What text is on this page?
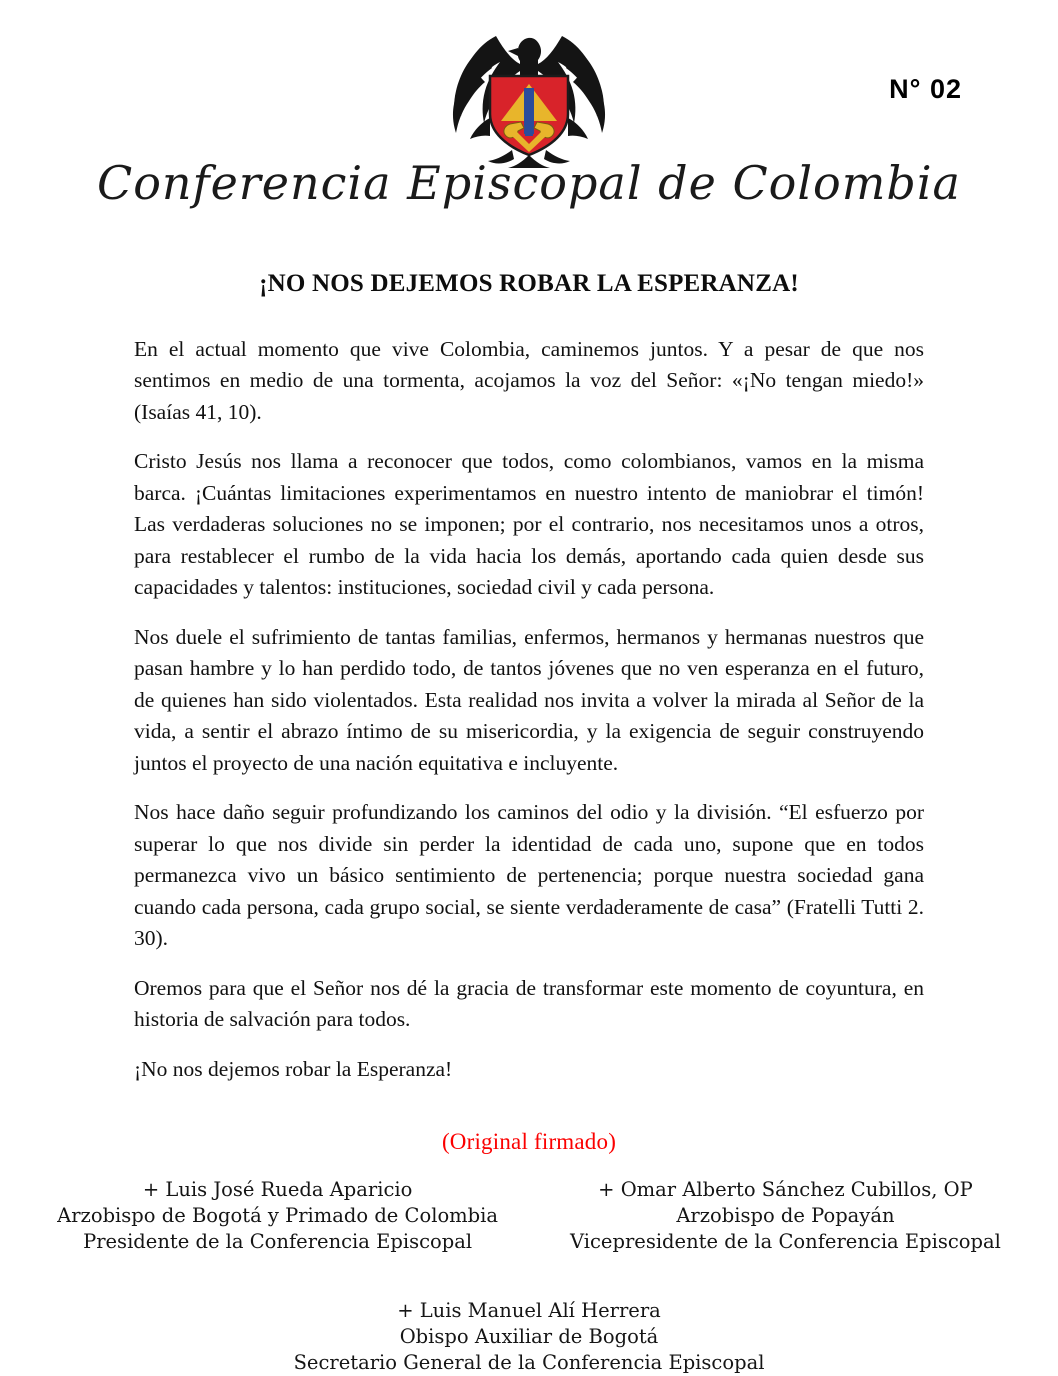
Conferencia Episcopal de Colombia
N° 02
¡NO NOS DEJEMOS ROBAR LA ESPERANZA!

En el actual momento que vive Colombia, caminemos juntos. Y a pesar de que nos sentimos en medio de una tormenta, acojamos la voz del Señor: «¡No tengan miedo!» (Isaías 41, 10).

Cristo Jesús nos llama a reconocer que todos, como colombianos, vamos en la misma barca. ¡Cuántas limitaciones experimentamos en nuestro intento de maniobrar el timón! Las verdaderas soluciones no se imponen; por el contrario, nos necesitamos unos a otros, para restablecer el rumbo de la vida hacia los demás, aportando cada quien desde sus capacidades y talentos: instituciones, sociedad civil y cada persona.

Nos duele el sufrimiento de tantas familias, enfermos, hermanos y hermanas nuestros que pasan hambre y lo han perdido todo, de tantos jóvenes que no ven esperanza en el futuro, de quienes han sido violentados. Esta realidad nos invita a volver la mirada al Señor de la vida, a sentir el abrazo íntimo de su misericordia, y la exigencia de seguir construyendo juntos el proyecto de una nación equitativa e incluyente.

Nos hace daño seguir profundizando los caminos del odio y la división. “El esfuerzo por superar lo que nos divide sin perder la identidad de cada uno, supone que en todos permanezca vivo un básico sentimiento de pertenencia; porque nuestra sociedad gana cuando cada persona, cada grupo social, se siente verdaderamente de casa” (Fratelli Tutti 2. 30).

Oremos para que el Señor nos dé la gracia de transformar este momento de coyuntura, en historia de salvación para todos.

¡No nos dejemos robar la Esperanza!

(Original firmado)
+ Luis José Rueda Aparicio
Arzobispo de Bogotá y Primado de Colombia
Presidente de la Conferencia Episcopal
+ Omar Alberto Sánchez Cubillos, OP
Arzobispo de Popayán
Vicepresidente de la Conferencia Episcopal
+ Luis Manuel Alí Herrera
Obispo Auxiliar de Bogotá
Secretario General de la Conferencia Episcopal
